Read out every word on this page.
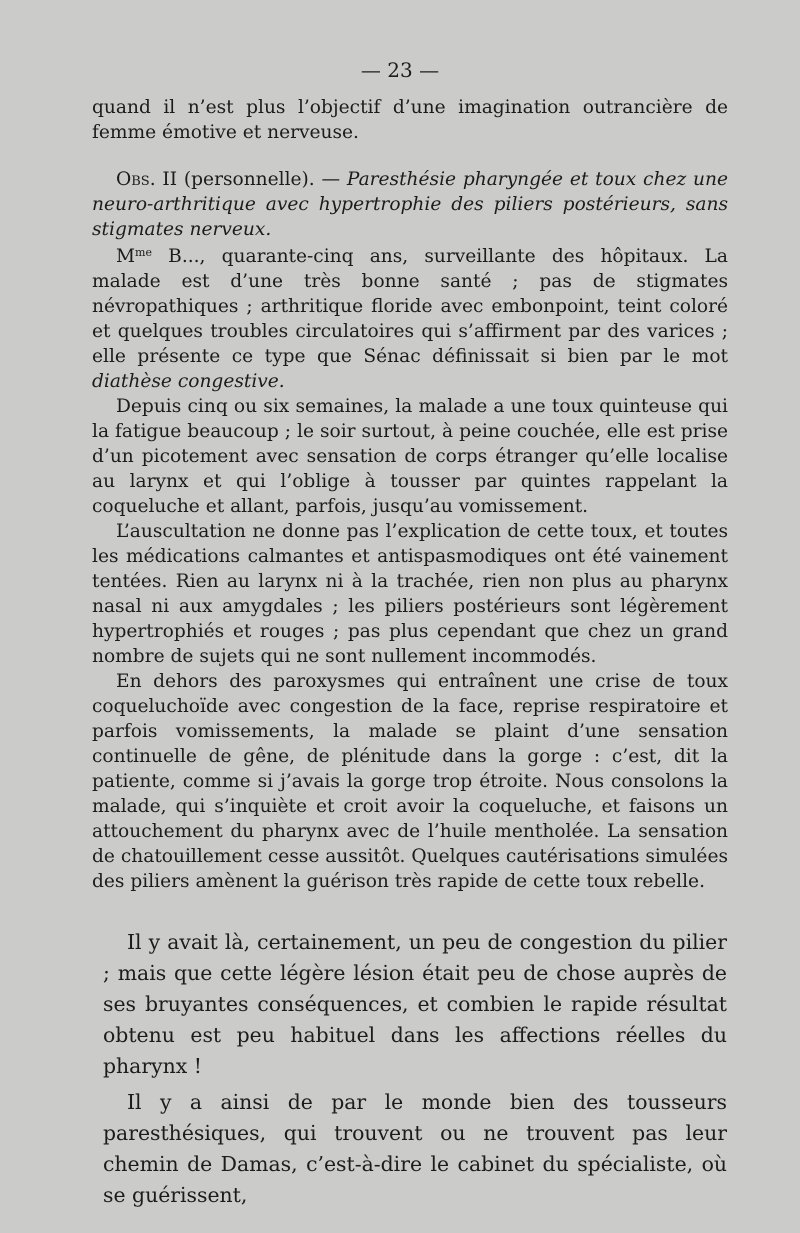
— 23 —

quand il n’est plus l’objectif d’une imagination outrancière de femme émotive et nerveuse.

Obs. II (personnelle). — Paresthésie pharyngée et toux chez une neuro-arthritique avec hypertrophie des piliers postérieurs, sans stigmates nerveux.

$M^{me}$ B..., quarante-cinq ans, surveillante des hôpitaux. La malade est d’une très bonne santé ; pas de stigmates névropathiques ; arthritique floride avec embonpoint, teint coloré et quelques troubles circulatoires qui s’affirment par des varices ; elle présente ce type que Sénac définissait si bien par le mot diathèse congestive.

Depuis cinq ou six semaines, la malade a une toux quinteuse qui la fatigue beaucoup ; le soir surtout, à peine couchée, elle est prise d’un picotement avec sensation de corps étranger qu’elle localise au larynx et qui l’oblige à tousser par quintes rappelant la coqueluche et allant, parfois, jusqu’au vomissement.

L’auscultation ne donne pas l’explication de cette toux, et toutes les médications calmantes et antispasmodiques ont été vainement tentées. Rien au larynx ni à la trachée, rien non plus au pharynx nasal ni aux amygdales ; les piliers postérieurs sont légèrement hypertrophiés et rouges ; pas plus cependant que chez un grand nombre de sujets qui ne sont nullement incommodés.

En dehors des paroxysmes qui entraînent une crise de toux coqueluchoïde avec congestion de la face, reprise respiratoire et parfois vomissements, la malade se plaint d’une sensation continuelle de gêne, de plénitude dans la gorge : c’est, dit la patiente, comme si j’avais la gorge trop étroite. Nous consolons la malade, qui s’inquiète et croit avoir la coqueluche, et faisons un attouchement du pharynx avec de l’huile mentholée. La sensation de chatouillement cesse aussitôt. Quelques cautérisations simulées des piliers amènent la guérison très rapide de cette toux rebelle.

Il y avait là, certainement, un peu de congestion du pilier ; mais que cette légère lésion était peu de chose auprès de ses bruyantes conséquences, et combien le rapide résultat obtenu est peu habituel dans les affections réelles du pharynx !

Il y a ainsi de par le monde bien des tousseurs paresthésiques, qui trouvent ou ne trouvent pas leur chemin de Damas, c’est-à-dire le cabinet du spécialiste, où se guérissent,
